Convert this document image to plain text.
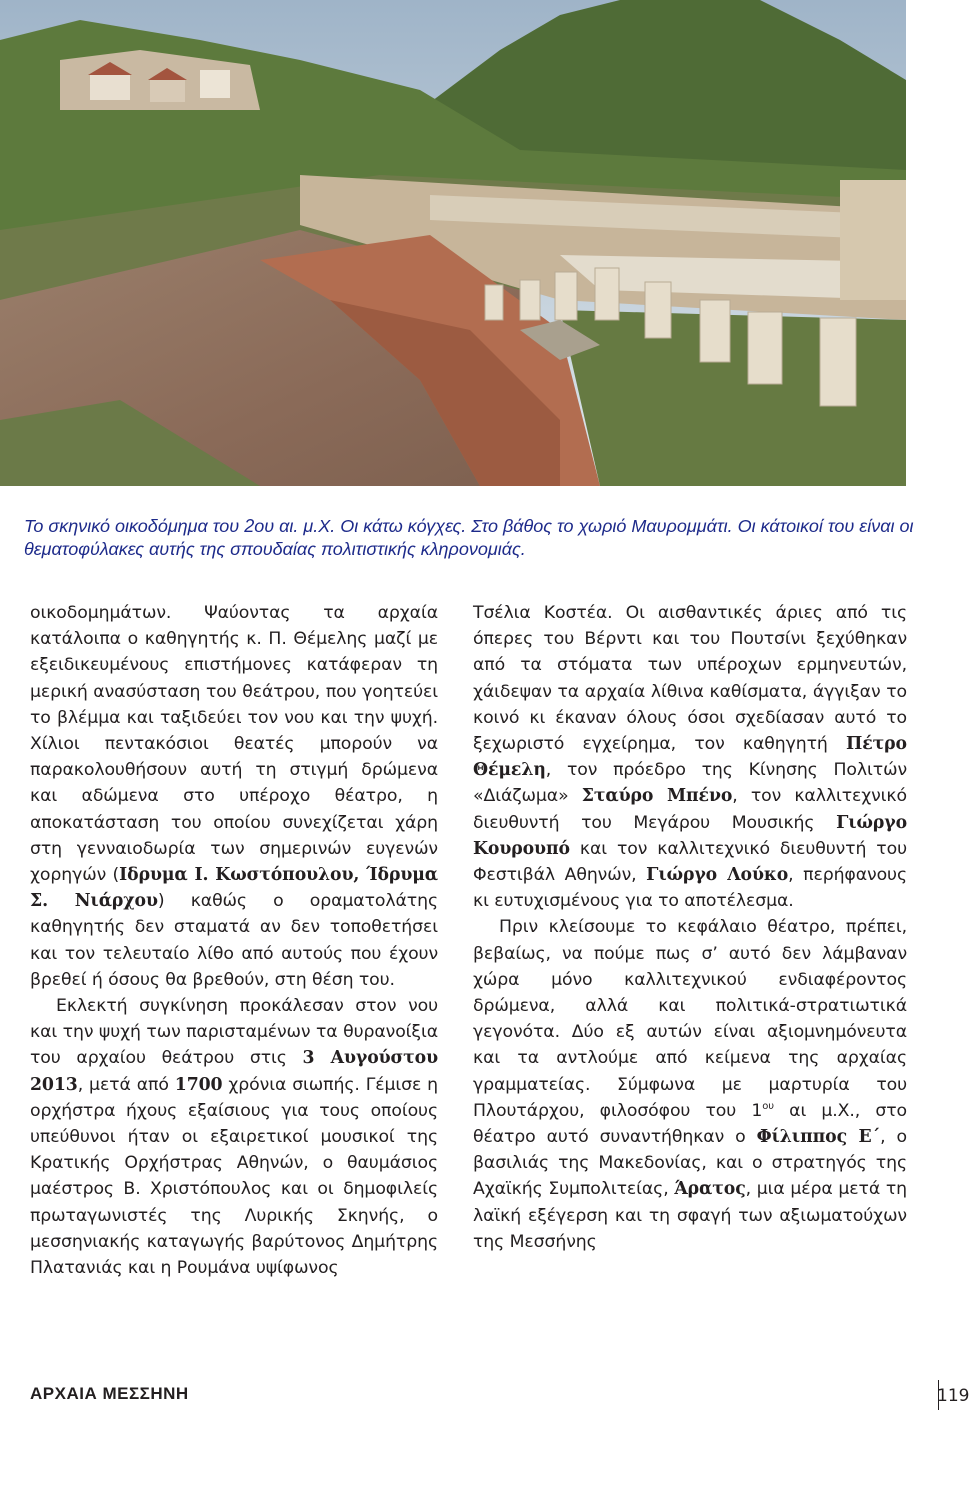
Το σκηνικό οικοδόμημα του 2ου αι. μ.Χ. Οι κάτω κόγχες. Στο βάθος το χωριό Μαυρομμάτι. Οι κάτοικοί του είναι οι θεματοφύλακες αυτής της σπουδαίας πολιτιστικής κληρονομιάς.

οικοδομημάτων. Ψαύοντας τα αρχαία κατάλοιπα ο καθηγητής κ. Π. Θέμελης μαζί με εξειδικευμένους επιστήμονες κατάφεραν τη μερική ανασύσταση του θεάτρου, που γοητεύει το βλέμμα και ταξιδεύει τον νου και την ψυχή. Χίλιοι πεντακόσιοι θεατές μπορούν να παρακολουθήσουν αυτή τη στιγμή δρώμενα και αδώμενα στο υπέροχο θέατρο, η αποκατάσταση του οποίου συνεχίζεται χάρη στη γενναιοδωρία των σημερινών ευγενών χορηγών (Ιδρυμα Ι. Κωστόπουλου, Ίδρυμα Σ. Νιάρχου) καθώς ο οραματολάτης καθηγητής δεν σταματά αν δεν τοποθετήσει και τον τελευταίο λίθο από αυτούς που έχουν βρεθεί ή όσους θα βρεθούν, στη θέση του.

Εκλεκτή συγκίνηση προκάλεσαν στον νου και την ψυχή των παρισταμένων τα θυρανοίξια του αρχαίου θεάτρου στις 3 Αυγούστου 2013, μετά από 1700 χρόνια σιωπής. Γέμισε η ορχήστρα ήχους εξαίσιους για τους οποίους υπεύθυνοι ήταν οι εξαιρετικοί μουσικοί της Κρατικής Ορχήστρας Αθηνών, ο θαυμάσιος μαέστρος Β. Χριστόπουλος και οι δημοφιλείς πρωταγωνιστές της Λυρικής Σκηνής, ο μεσσηνιακής καταγωγής βαρύτονος Δημήτρης Πλατανιάς και η Ρουμάνα υψίφωνος

Τσέλια Κοστέα. Οι αισθαντικές άριες από τις όπερες του Βέρντι και του Πουτσίνι ξεχύθηκαν από τα στόματα των υπέροχων ερμηνευτών, χάιδεψαν τα αρχαία λίθινα καθίσματα, άγγιξαν το κοινό κι έκαναν όλους όσοι σχεδίασαν αυτό το ξεχωριστό εγχείρημα, τον καθηγητή Πέτρο Θέμελη, τον πρόεδρο της Κίνησης Πολιτών «Διάζωμα» Σταύρο Μπένο, τον καλλιτεχνικό διευθυντή του Μεγάρου Μουσικής Γιώργο Κουρουπό και τον καλλιτεχνικό διευθυντή του Φεστιβάλ Αθηνών, Γιώργο Λούκο, περήφανους κι ευτυχισμένους για το αποτέλεσμα.

Πριν κλείσουμε το κεφάλαιο θέατρο, πρέπει, βεβαίως, να πούμε πως σ’ αυτό δεν λάμβαναν χώρα μόνο καλλιτεχνικού ενδιαφέροντος δρώμενα, αλλά και πολιτικά-στρατιωτικά γεγονότα. Δύο εξ αυτών είναι αξιομνημόνευτα και τα αντλούμε από κείμενα της αρχαίας γραμματείας. Σύμφωνα με μαρτυρία του Πλουτάρχου, φιλοσόφου του $1^{o\upsilon}$ αι μ.Χ., στο θέατρο αυτό συναντήθηκαν ο Φίλιππος Ε΄, ο βασιλιάς της Μακεδονίας, και ο στρατηγός της Αχαϊκής Συμπολιτείας, Άρατος, μια μέρα μετά τη λαϊκή εξέγερση και τη σφαγή των αξιωματούχων της Μεσσήνης

ΑΡΧΑΙΑ ΜΕΣΣΗΝΗ	119
